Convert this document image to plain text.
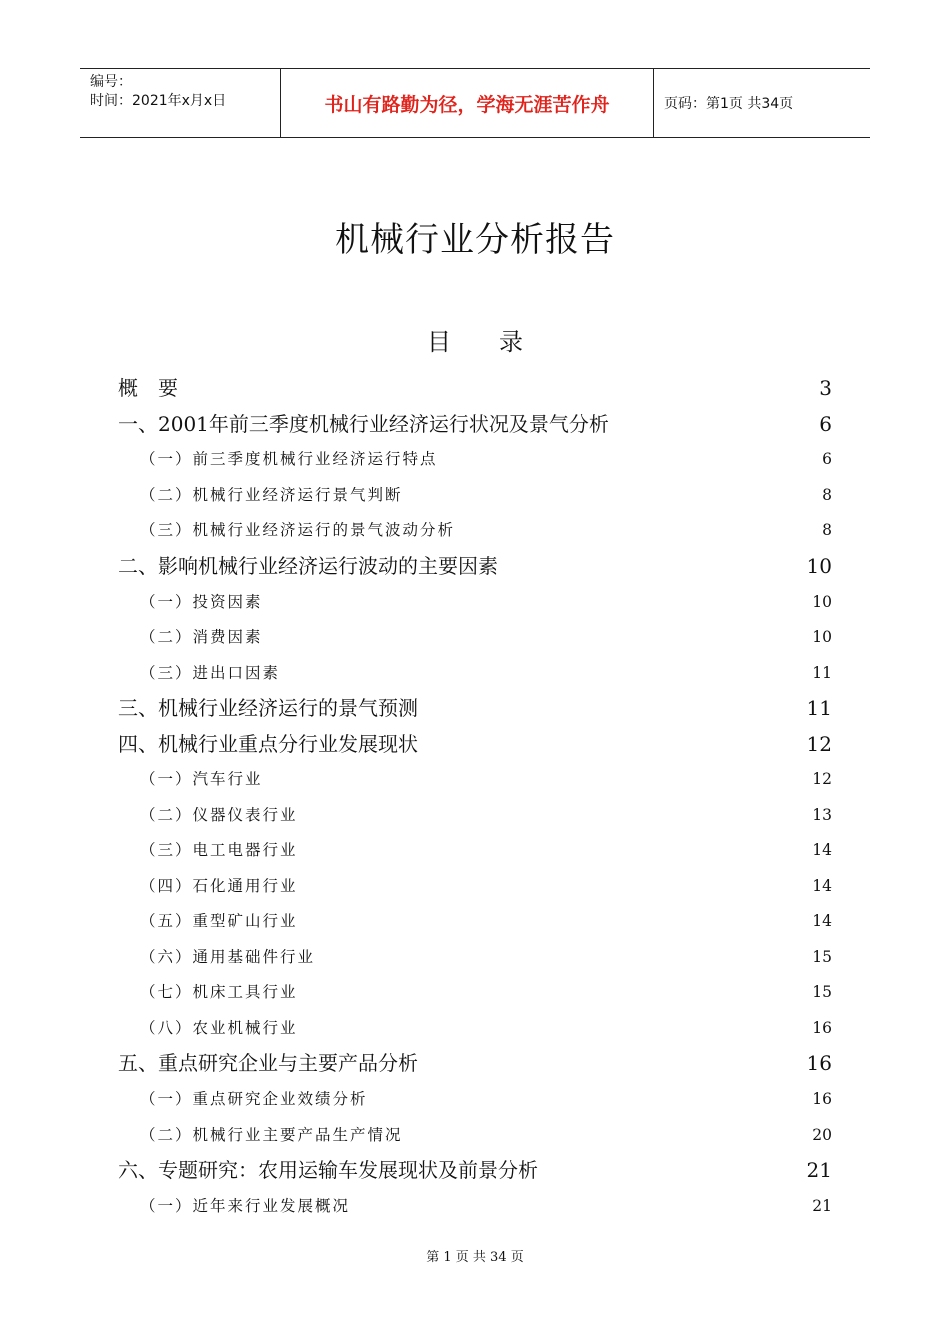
编号：
时间：2021年x月x日	书山有路勤为径，学海无涯苦作舟	页码：第1页 共34页
机械行业分析报告
目录
概　要	3
一、2001年前三季度机械行业经济运行状况及景气分析	6
（一）前三季度机械行业经济运行特点	6
（二）机械行业经济运行景气判断	8
（三）机械行业经济运行的景气波动分析	8
二、影响机械行业经济运行波动的主要因素	10
（一）投资因素	10
（二）消费因素	10
（三）进出口因素	11
三、机械行业经济运行的景气预测	11
四、机械行业重点分行业发展现状	12
（一）汽车行业	12
（二）仪器仪表行业	13
（三）电工电器行业	14
（四）石化通用行业	14
（五）重型矿山行业	14
（六）通用基础件行业	15
（七）机床工具行业	15
（八）农业机械行业	16
五、重点研究企业与主要产品分析	16
（一）重点研究企业效绩分析	16
（二）机械行业主要产品生产情况	20
六、专题研究：农用运输车发展现状及前景分析	21
（一）近年来行业发展概况	21
第 1 页 共 34 页
